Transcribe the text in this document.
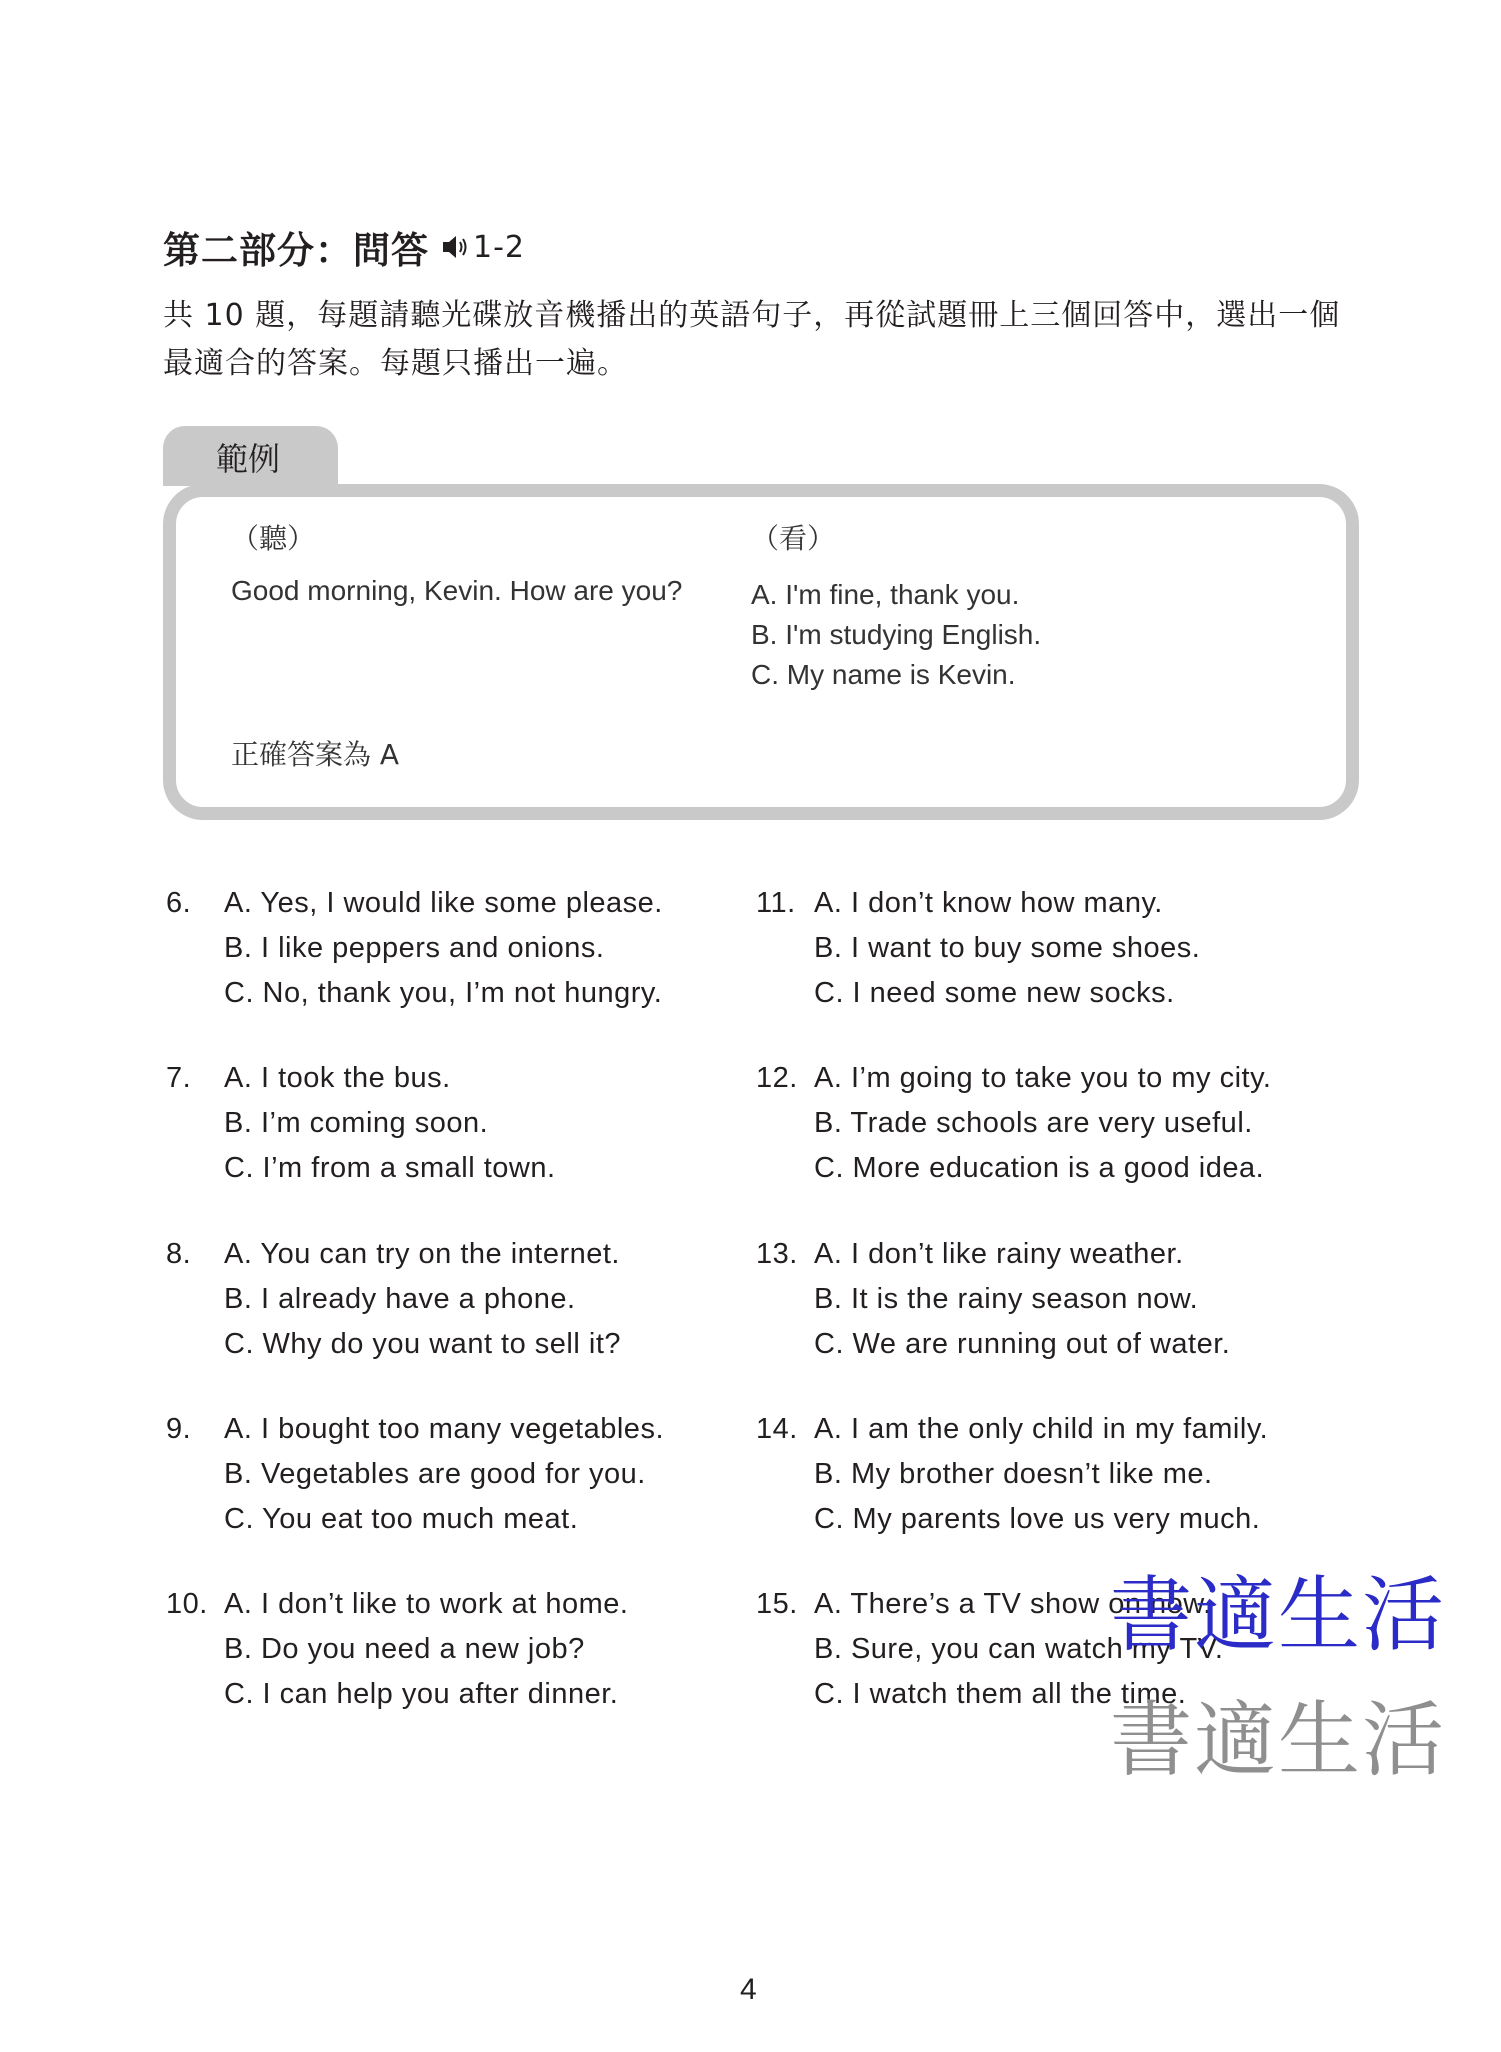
第二部分：問答 1-2
共 10 題，每題請聽光碟放音機播出的英語句子，再從試題冊上三個回答中，選出一個
最適合的答案。每題只播出一遍。
範例
（聽）	（看）
Good morning, Kevin. How are you? A. I'm fine, thank you.
B. I'm studying English.
C. My name is Kevin.
正確答案為 A
6. A. Yes, I would like some please.
B. I like peppers and onions.
C. No, thank you, I’m not hungry.
7. A. I took the bus.
B. I’m coming soon.
C. I’m from a small town.
8. A. You can try on the internet.
B. I already have a phone.
C. Why do you want to sell it?
9. A. I bought too many vegetables.
B. Vegetables are good for you.
C. You eat too much meat.
10. A. I don’t like to work at home.
B. Do you need a new job?
C. I can help you after dinner.
11. A. I don’t know how many.
B. I want to buy some shoes.
C. I need some new socks.
12. A. I’m going to take you to my city.
B. Trade schools are very useful.
C. More education is a good idea.
13. A. I don’t like rainy weather.
B. It is the rainy season now.
C. We are running out of water.
14. A. I am the only child in my family.
B. My brother doesn’t like me.
C. My parents love us very much.
15. A. There’s a TV show on now.
B. Sure, you can watch my TV.
C. I watch them all the time.
書適生活
書適生活
4
